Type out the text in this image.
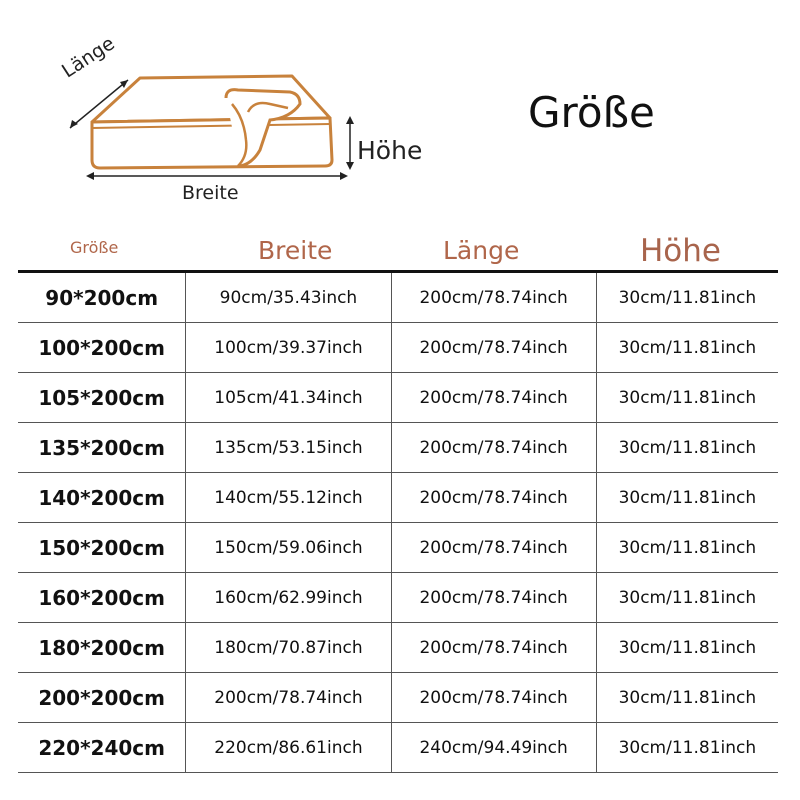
Länge
Höhe
Breite
Größe
Größe	Breite	Länge	Höhe
90*200cm	90cm/35.43inch	200cm/78.74inch	30cm/11.81inch
100*200cm	100cm/39.37inch	200cm/78.74inch	30cm/11.81inch
105*200cm	105cm/41.34inch	200cm/78.74inch	30cm/11.81inch
135*200cm	135cm/53.15inch	200cm/78.74inch	30cm/11.81inch
140*200cm	140cm/55.12inch	200cm/78.74inch	30cm/11.81inch
150*200cm	150cm/59.06inch	200cm/78.74inch	30cm/11.81inch
160*200cm	160cm/62.99inch	200cm/78.74inch	30cm/11.81inch
180*200cm	180cm/70.87inch	200cm/78.74inch	30cm/11.81inch
200*200cm	200cm/78.74inch	200cm/78.74inch	30cm/11.81inch
220*240cm	220cm/86.61inch	240cm/94.49inch	30cm/11.81inch
